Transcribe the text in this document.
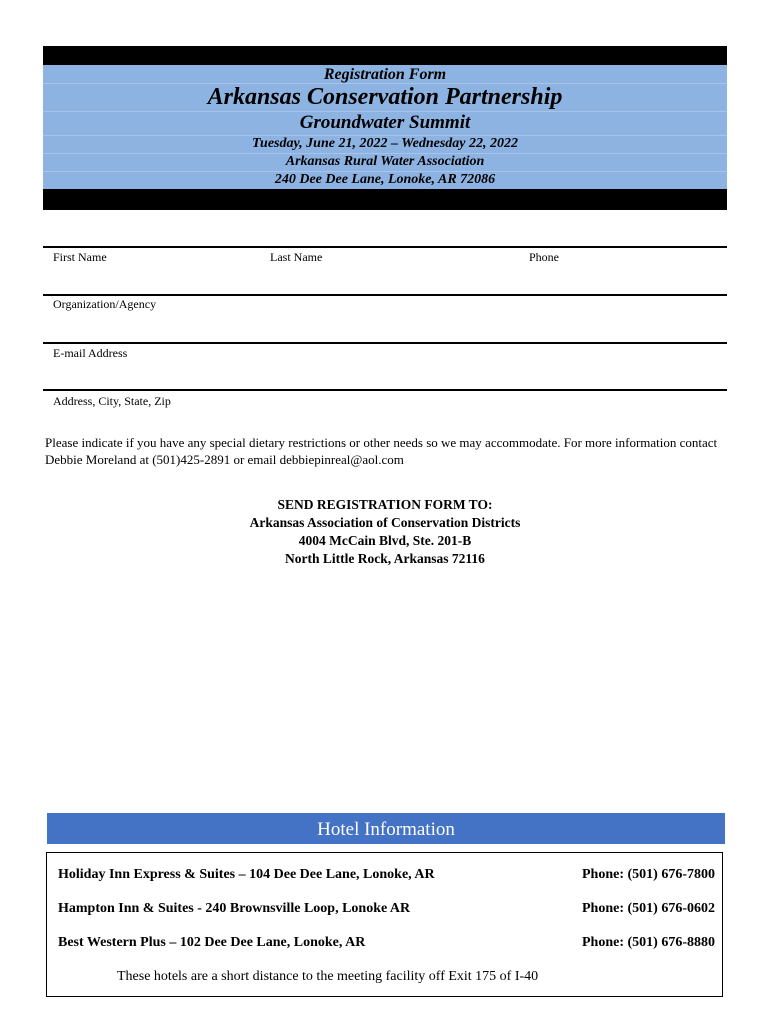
Registration Form
Arkansas Conservation Partnership
Groundwater Summit
Tuesday, June 21, 2022 – Wednesday 22, 2022
Arkansas Rural Water Association
240 Dee Dee Lane, Lonoke, AR 72086
First Name	Last Name	Phone
Organization/Agency
E-mail Address
Address, City, State, Zip
Please indicate if you have any special dietary restrictions or other needs so we may accommodate. For more information contact Debbie Moreland at (501)425-2891 or email debbiepinreal@aol.com
SEND REGISTRATION FORM TO:
Arkansas Association of Conservation Districts
4004 McCain Blvd, Ste. 201-B
North Little Rock, Arkansas 72116
Hotel Information
Holiday Inn Express & Suites – 104 Dee Dee Lane, Lonoke, AR	Phone: (501) 676-7800
Hampton Inn & Suites - 240 Brownsville Loop, Lonoke AR	Phone: (501) 676-0602
Best Western Plus – 102 Dee Dee Lane, Lonoke, AR	Phone: (501) 676-8880
These hotels are a short distance to the meeting facility off Exit 175 of I-40
